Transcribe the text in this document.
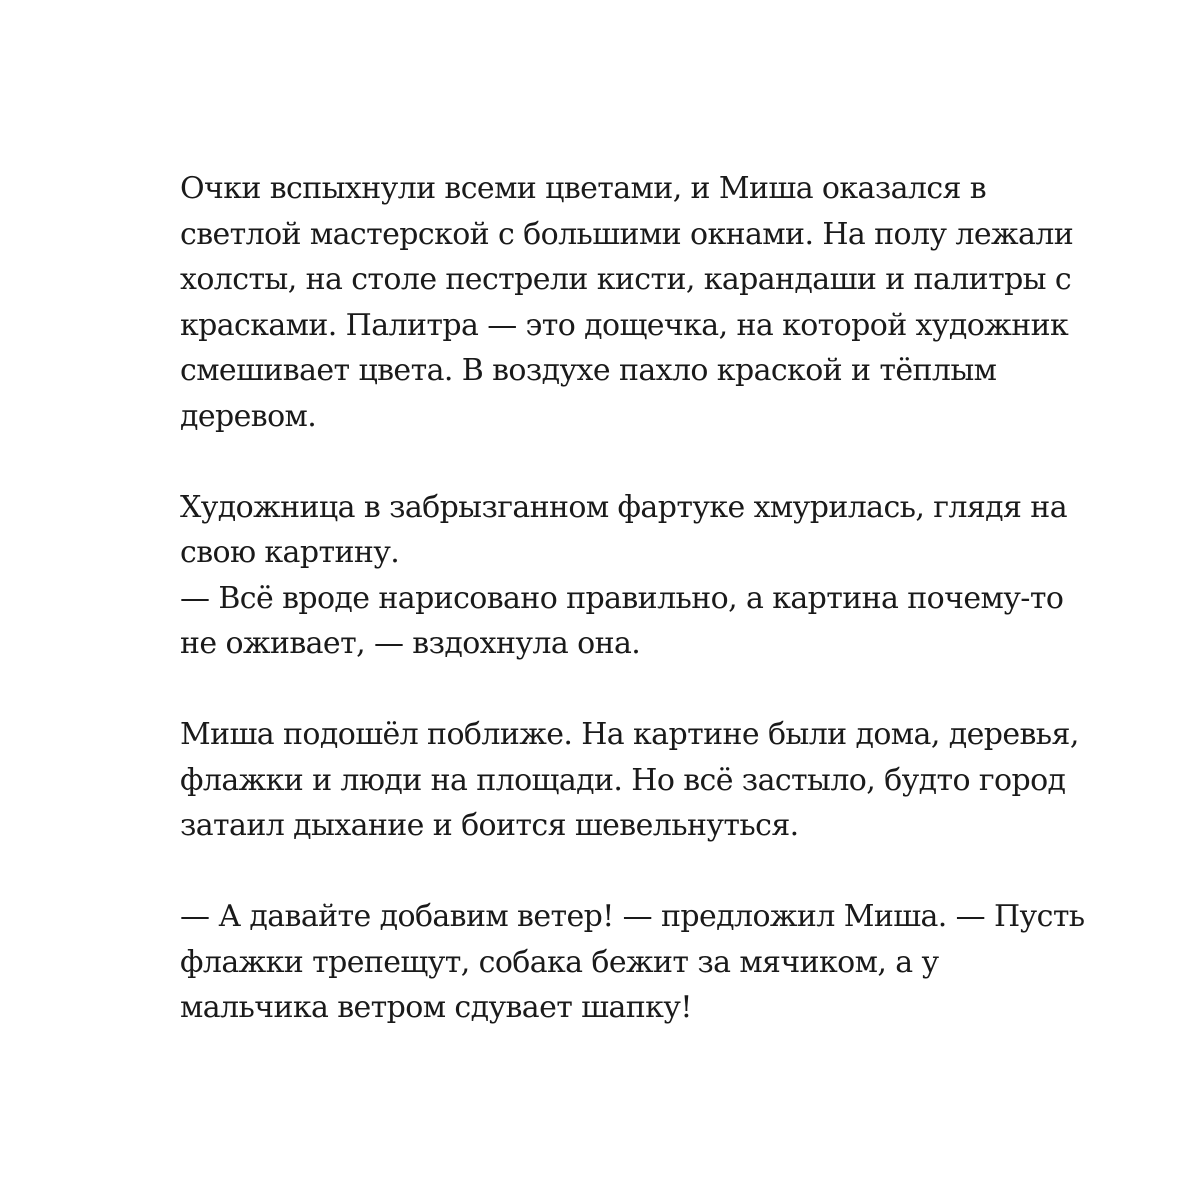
Очки вспыхнули всеми цветами, и Миша оказался в
светлой мастерской с большими окнами. На полу лежали
холсты, на столе пестрели кисти, карандаши и палитры с
красками. Палитра — это дощечка, на которой художник
смешивает цвета. В воздухе пахло краской и тёплым
деревом.

Художница в забрызганном фартуке хмурилась, глядя на
свою картину.
— Всё вроде нарисовано правильно, а картина почему-то
не оживает, — вздохнула она.

Миша подошёл поближе. На картине были дома, деревья,
флажки и люди на площади. Но всё застыло, будто город
затаил дыхание и боится шевельнуться.

— А давайте добавим ветер! — предложил Миша. — Пусть
флажки трепещут, собака бежит за мячиком, а у
мальчика ветром сдувает шапку!
